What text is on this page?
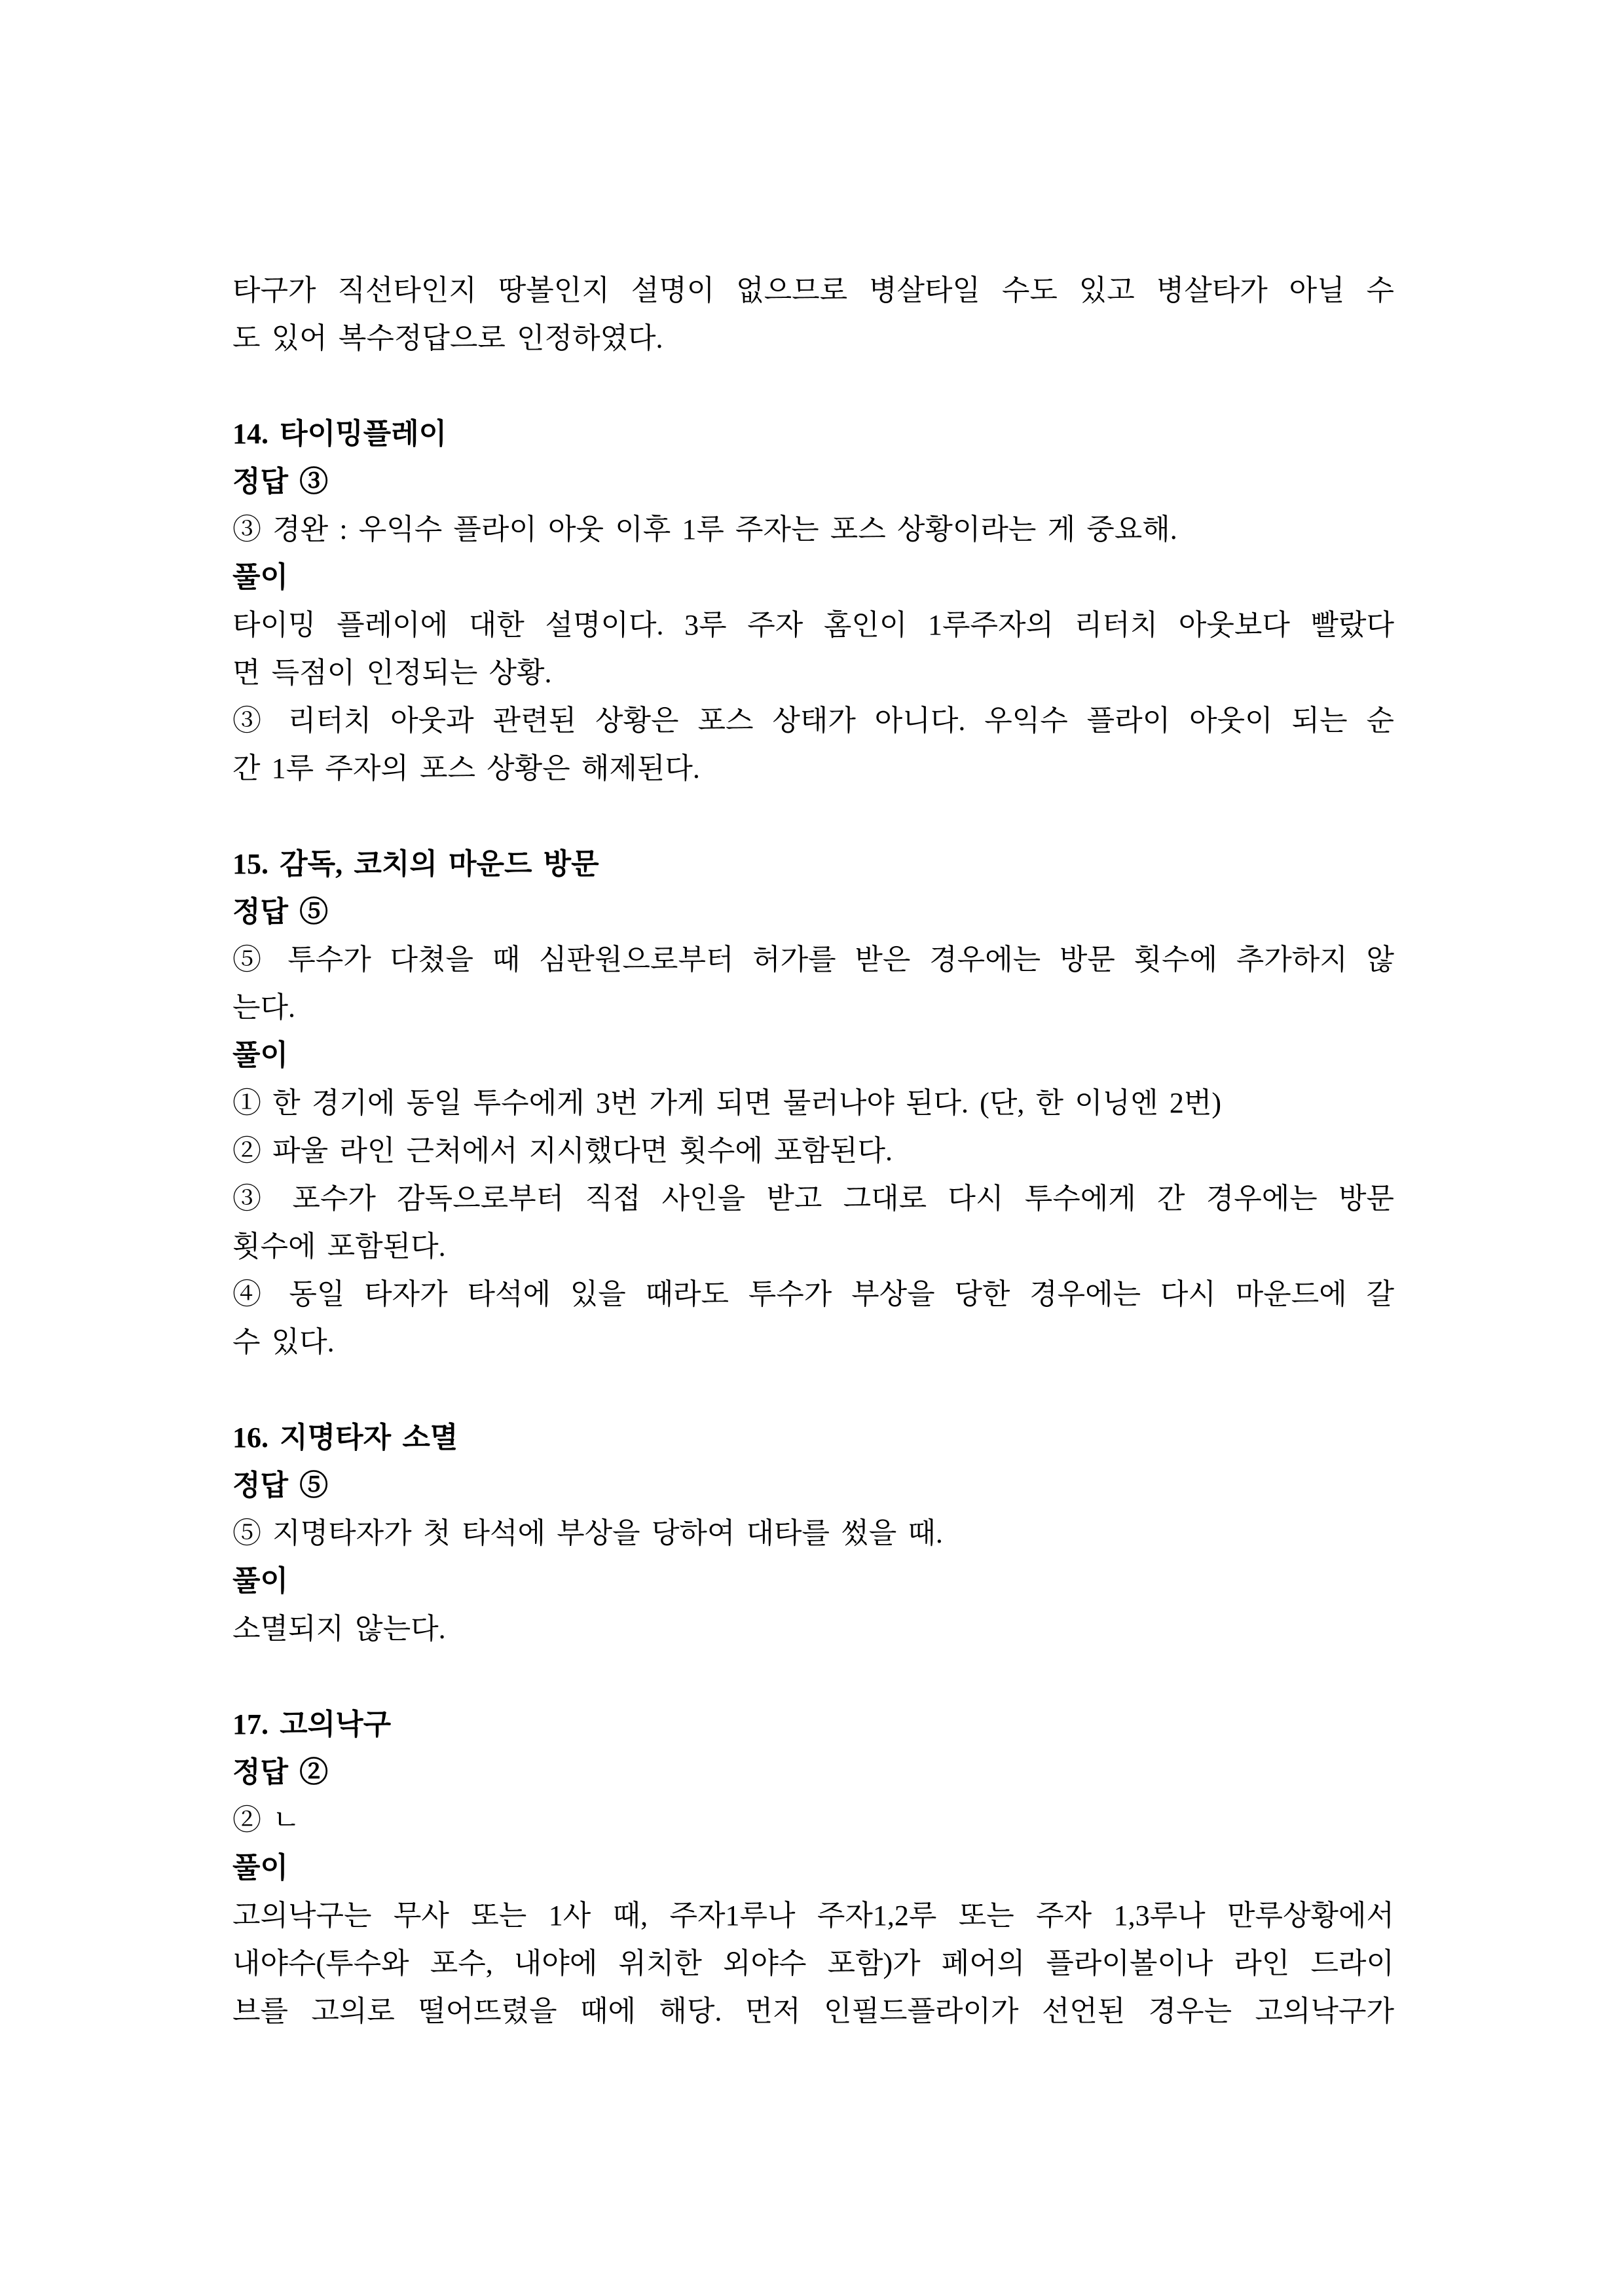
타구가 직선타인지 땅볼인지 설명이 없으므로 병살타일 수도 있고 병살타가 아닐 수
도 있어 복수정답으로 인정하였다.
14. 타이밍플레이
정답 ③
③ 경완 : 우익수 플라이 아웃 이후 1루 주자는 포스 상황이라는 게 중요해.
풀이
타이밍 플레이에 대한 설명이다. 3루 주자 홈인이 1루주자의 리터치 아웃보다 빨랐다
면 득점이 인정되는 상황.
③ 리터치 아웃과 관련된 상황은 포스 상태가 아니다. 우익수 플라이 아웃이 되는 순
간 1루 주자의 포스 상황은 해제된다.
15. 감독, 코치의 마운드 방문
정답 ⑤
⑤ 투수가 다쳤을 때 심판원으로부터 허가를 받은 경우에는 방문 횟수에 추가하지 않
는다.
풀이
① 한 경기에 동일 투수에게 3번 가게 되면 물러나야 된다. (단, 한 이닝엔 2번)
② 파울 라인 근처에서 지시했다면 횟수에 포함된다.
③ 포수가 감독으로부터 직접 사인을 받고 그대로 다시 투수에게 간 경우에는 방문
횟수에 포함된다.
④ 동일 타자가 타석에 있을 때라도 투수가 부상을 당한 경우에는 다시 마운드에 갈
수 있다.
16. 지명타자 소멸
정답 ⑤
⑤ 지명타자가 첫 타석에 부상을 당하여 대타를 썼을 때.
풀이
소멸되지 않는다.
17. 고의낙구
정답 ②
② ㄴ
풀이
고의낙구는 무사 또는 1사 때, 주자1루나 주자1,2루 또는 주자 1,3루나 만루상황에서
내야수(투수와 포수, 내야에 위치한 외야수 포함)가 페어의 플라이볼이나 라인 드라이
브를 고의로 떨어뜨렸을 때에 해당. 먼저 인필드플라이가 선언된 경우는 고의낙구가
